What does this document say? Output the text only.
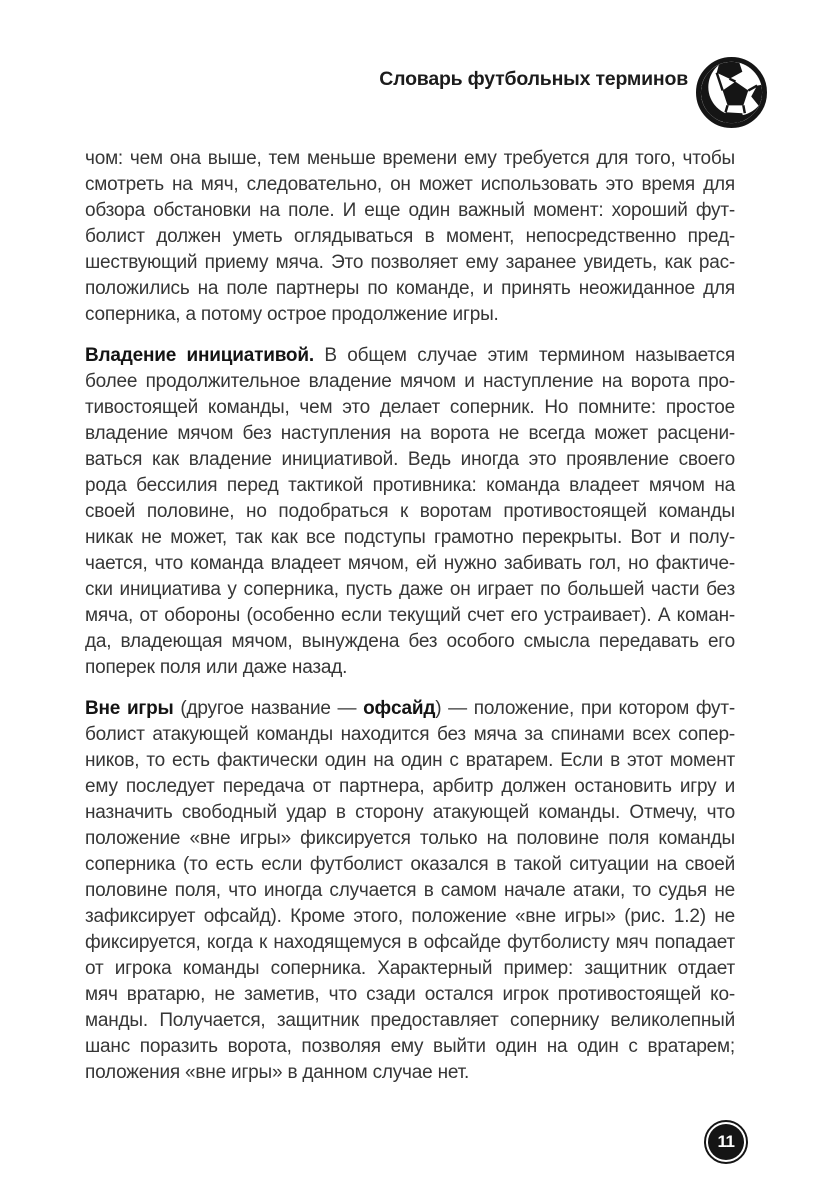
Словарь футбольных терминов
чом: чем она выше, тем меньше времени ему требуется для того, чтобы
смотреть на мяч, следовательно, он может использовать это время для
обзора обстановки на поле. И еще один важный момент: хороший фут-
болист должен уметь оглядываться в момент, непосредственно пред-
шествующий приему мяча. Это позволяет ему заранее увидеть, как рас-
положились на поле партнеры по команде, и принять неожиданное для
соперника, а потому острое продолжение игры.
Владение инициативой. В общем случае этим термином называется
более продолжительное владение мячом и наступление на ворота про-
тивостоящей команды, чем это делает соперник. Но помните: простое
владение мячом без наступления на ворота не всегда может расцени-
ваться как владение инициативой. Ведь иногда это проявление своего
рода бессилия перед тактикой противника: команда владеет мячом на
своей половине, но подобраться к воротам противостоящей команды
никак не может, так как все подступы грамотно перекрыты. Вот и полу-
чается, что команда владеет мячом, ей нужно забивать гол, но фактиче-
ски инициатива у соперника, пусть даже он играет по большей части без
мяча, от обороны (особенно если текущий счет его устраивает). А коман-
да, владеющая мячом, вынуждена без особого смысла передавать его
поперек поля или даже назад.
Вне игры (другое название — офсайд) — положение, при котором фут-
болист атакующей команды находится без мяча за спинами всех сопер-
ников, то есть фактически один на один с вратарем. Если в этот момент
ему последует передача от партнера, арбитр должен остановить игру и
назначить свободный удар в сторону атакующей команды. Отмечу, что
положение «вне игры» фиксируется только на половине поля команды
соперника (то есть если футболист оказался в такой ситуации на своей
половине поля, что иногда случается в самом начале атаки, то судья не
зафиксирует офсайд). Кроме этого, положение «вне игры» (рис. 1.2) не
фиксируется, когда к находящемуся в офсайде футболисту мяч попадает
от игрока команды соперника. Характерный пример: защитник отдает
мяч вратарю, не заметив, что сзади остался игрок противостоящей ко-
манды. Получается, защитник предоставляет сопернику великолепный
шанс поразить ворота, позволяя ему выйти один на один с вратарем;
положения «вне игры» в данном случае нет.
11
